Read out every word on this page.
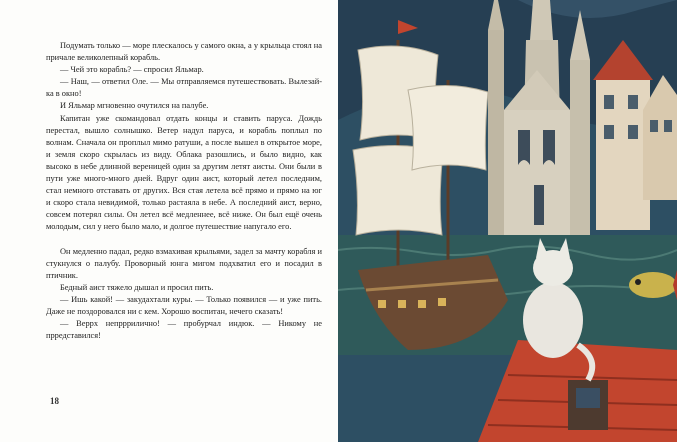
Подумать только — море плескалось у самого окна, а у крыльца стоял на причале великолепный корабль.

— Чей это корабль? — спросил Яльмар.

— Наш, — ответил Оле. — Мы отправляемся путешествовать. Вылезай-ка в окно!

И Яльмар мгновенно очутился на палубе.

Капитан уже скомандовал отдать концы и ставить паруса. Дождь перестал, вышло солнышко. Ветер надул паруса, и корабль поплыл по волнам. Сначала он проплыл мимо ратуши, а после вышел в открытое море, и земля скоро скрылась из виду. Облака разошлись, и было видно, как высоко в небе длинной вереницей один за другим летят аисты. Они были в пути уже много-много дней. Вдруг один аист, который летел последним, стал немного отставать от других. Вся стая летела всё прямо и прямо на юг и скоро стала невидимой, только растаяла в небе. А последний аист, верно, совсем потерял силы. Он летел всё медленнее, всё ниже. Он был ещё очень молодым, сил у него было мало, и долгое путешествие напугало его.

Он медленно падал, редко взмахивая крыльями, задел за мачту корабля и стукнулся о палубу. Проворный юнга мигом подхватил его и посадил в птичник.

Бедный аист тяжело дышал и просил пить.

— Ишь какой! — закудахтали куры. — Только появился — и уже пить. Даже не поздоровался ни с кем. Хорошо воспитан, нечего сказать!

— Веррх непрррилично! — пробурчал индюк. — Никому не прредставился!

18
